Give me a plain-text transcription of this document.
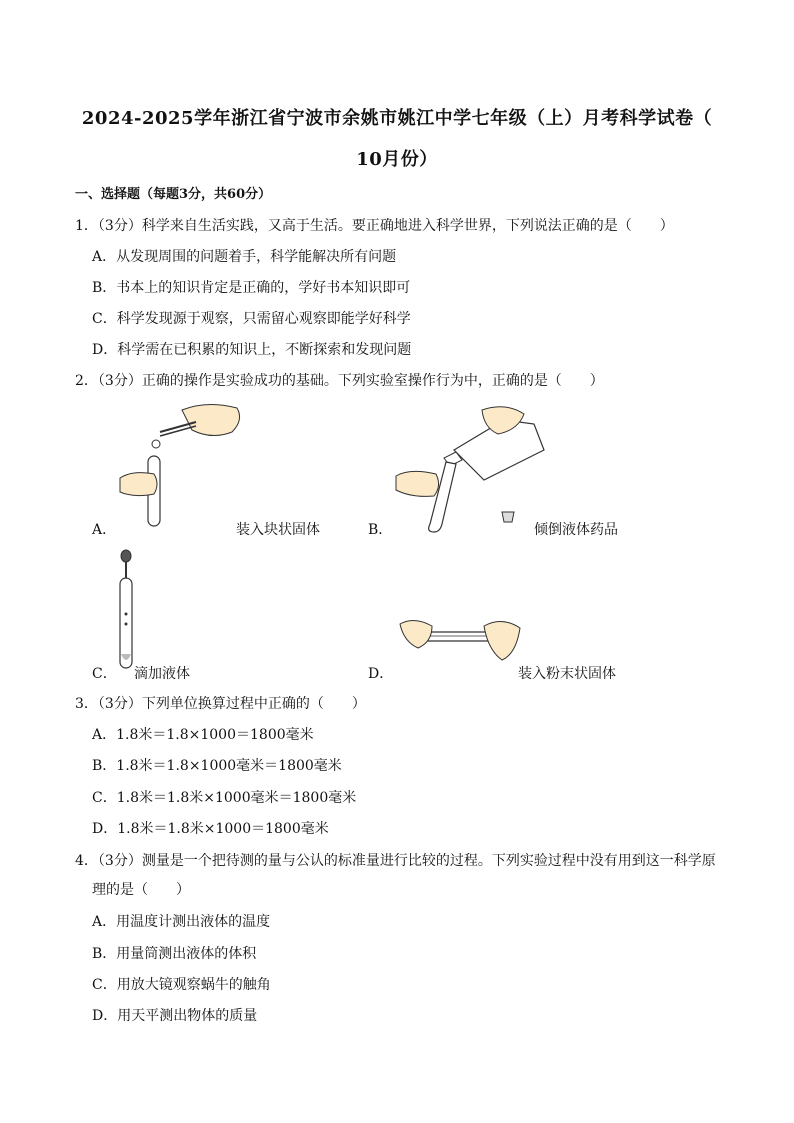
2024-2025学年浙江省宁波市余姚市姚江中学七年级（上）月考科学试卷（
10月份）
一、选择题（每题3分，共60分）
1．（3分）科学来自生活实践，又高于生活。要正确地进入科学世界，下列说法正确的是（　　）
A．从发现周围的问题着手，科学能解决所有问题
B．书本上的知识肯定是正确的，学好书本知识即可
C．科学发现源于观察，只需留心观察即能学好科学
D．科学需在已积累的知识上，不断探索和发现问题
2．（3分）正确的操作是实验成功的基础。下列实验室操作行为中，正确的是（　　）
A．	装入块状固体	B．	倾倒液体药品
C． 滴加液体	D．	装入粉末状固体
3．（3分）下列单位换算过程中正确的（　　）
A．1.8米＝1.8×1000＝1800毫米
B．1.8米＝1.8×1000毫米＝1800毫米
C．1.8米＝1.8米×1000毫米＝1800毫米
D．1.8米＝1.8米×1000＝1800毫米
4．（3分）测量是一个把待测的量与公认的标准量进行比较的过程。下列实验过程中没有用到这一科学原
理的是（　　）
A．用温度计测出液体的温度
B．用量筒测出液体的体积
C．用放大镜观察蜗牛的触角
D．用天平测出物体的质量
